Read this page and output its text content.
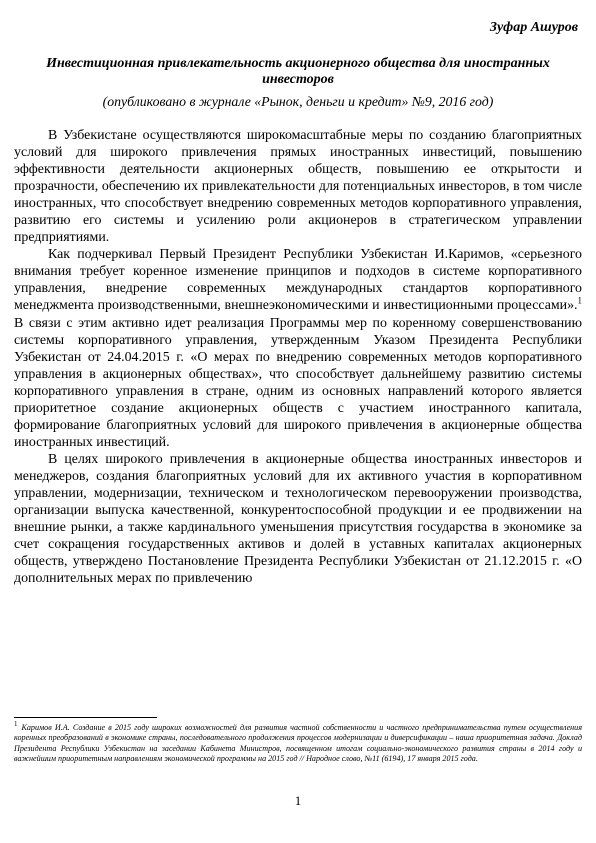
Зуфар Ашуров
Инвестиционная привлекательность акционерного общества для иностранных инвесторов
(опубликовано в журнале «Рынок, деньги и кредит» №9, 2016 год)

В Узбекистане осуществляются широкомасштабные меры по созданию благоприятных условий для широкого привлечения прямых иностранных инвестиций, повышению эффективности деятельности акционерных обществ, повышению ее открытости и прозрачности, обеспечению их привлекательности для потенциальных инвесторов, в том числе иностранных, что способствует внедрению современных методов корпоративного управления, развитию его системы и усилению роли акционеров в стратегическом управлении предприятиями.

Как подчеркивал Первый Президент Республики Узбекистан И.Каримов, «серьезного внимания требует коренное изменение принципов и подходов в системе корпоративного управления, внедрение современных международных стандартов корпоративного менеджмента производственными, внешнеэкономическими и инвестиционными процессами».$^1$ В связи с этим активно идет реализация Программы мер по коренному совершенствованию системы корпоративного управления, утвержденным Указом Президента Республики Узбекистан от 24.04.2015 г. «О мерах по внедрению современных методов корпоративного управления в акционерных обществах», что способствует дальнейшему развитию системы корпоративного управления в стране, одним из основных направлений которого является приоритетное создание акционерных обществ с участием иностранного капитала, формирование благоприятных условий для широкого привлечения в акционерные общества иностранных инвестиций.

В целях широкого привлечения в акционерные общества иностранных инвесторов и менеджеров, создания благоприятных условий для их активного участия в корпоративном управлении, модернизации, техническом и технологическом перевооружении производства, организации выпуска качественной, конкурентоспособной продукции и ее продвижении на внешние рынки, а также кардинального уменьшения присутствия государства в экономике за счет сокращения государственных активов и долей в уставных капиталах акционерных обществ, утверждено Постановление Президента Республики Узбекистан от 21.12.2015 г. «О дополнительных мерах по привлечению

1 Каримов И.А. Создание в 2015 году широких возможностей для развития частной собственности и частного предпринимательства путем осуществления коренных преобразований в экономике страны, последовательного продолжения процессов модернизации и диверсификации – наша приоритетная задача. Доклад Президента Республики Узбекистан на заседании Кабинета Министров, посвященном итогам социально-экономического развития страны в 2014 году и важнейшим приоритетным направлениям экономической программы на 2015 год // Народное слово, №11 (6194), 17 января 2015 года.
1
